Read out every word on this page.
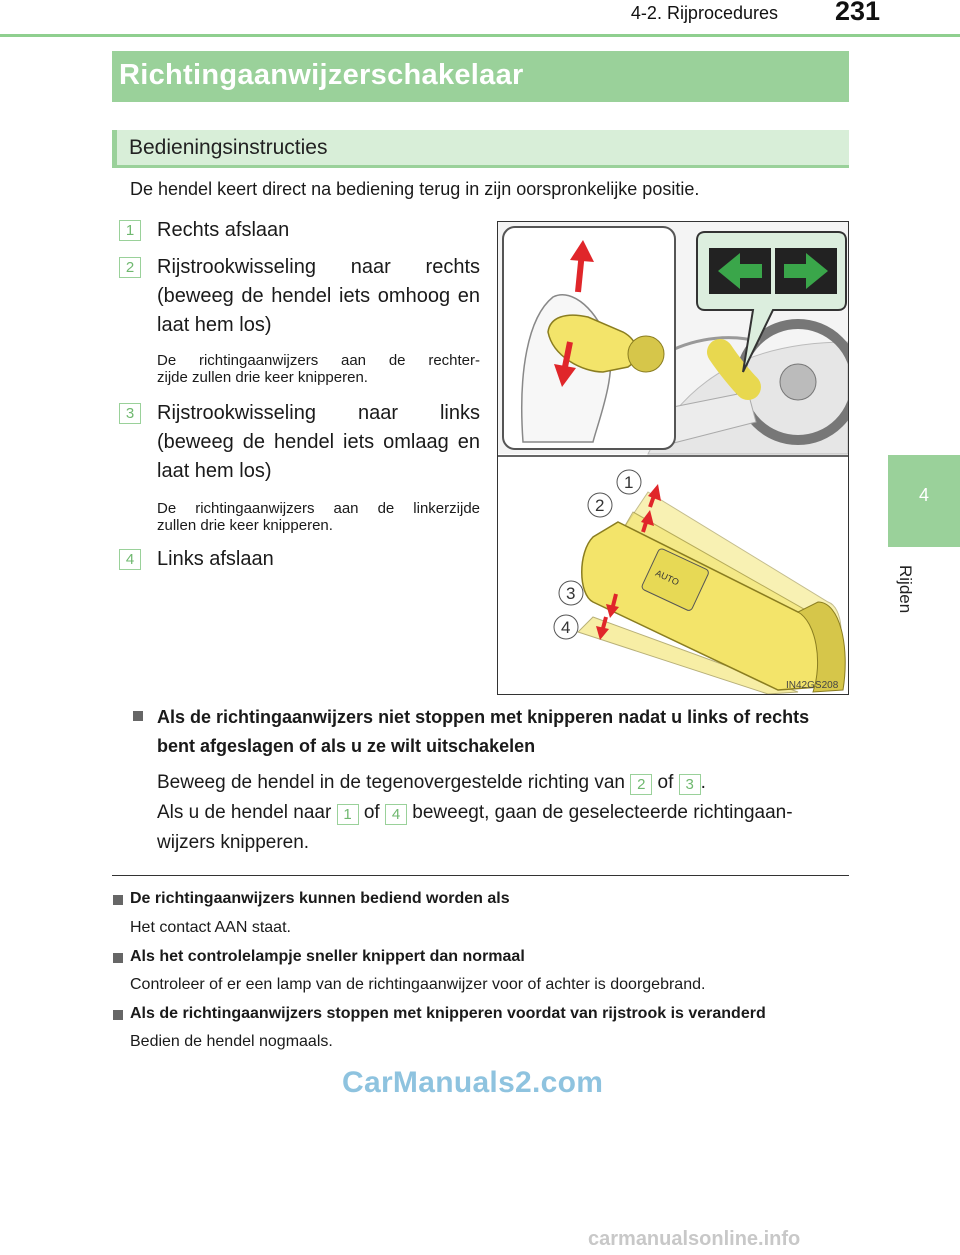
4-2. Rijprocedures 231
4
Rijden
Richtingaanwijzerschakelaar
Bedieningsinstructies
De hendel keert direct na bediening terug in zijn oorspronkelijke positie.
1	Rechts afslaan
2	Rijstrookwisseling naar rechts
(beweeg de hendel iets omhoog en
laat hem los)
De richtingaanwijzers aan de rechter-
zijde zullen drie keer knipperen.
3	Rijstrookwisseling naar links
(beweeg de hendel iets omlaag en
laat hem los)
De richtingaanwijzers aan de linkerzijde
zullen drie keer knipperen.
4	Links afslaan
AUTO
1
2
3
4
IN42GS208
Als de richtingaanwijzers niet stoppen met knipperen nadat u links of rechts
bent afgeslagen of als u ze wilt uitschakelen
Beweeg de hendel in de tegenovergestelde richting van 2 of 3 .
Als u de hendel naar 1 of 4 beweegt, gaan de geselecteerde richtingaan-
wijzers knipperen.
De richtingaanwijzers kunnen bediend worden als
Het contact AAN staat.
Als het controlelampje sneller knippert dan normaal
Controleer of er een lamp van de richtingaanwijzer voor of achter is doorgebrand.
Als de richtingaanwijzers stoppen met knipperen voordat van rijstrook is veranderd
Bedien de hendel nogmaals.
CarManuals2.com
carmanualsonline.info
